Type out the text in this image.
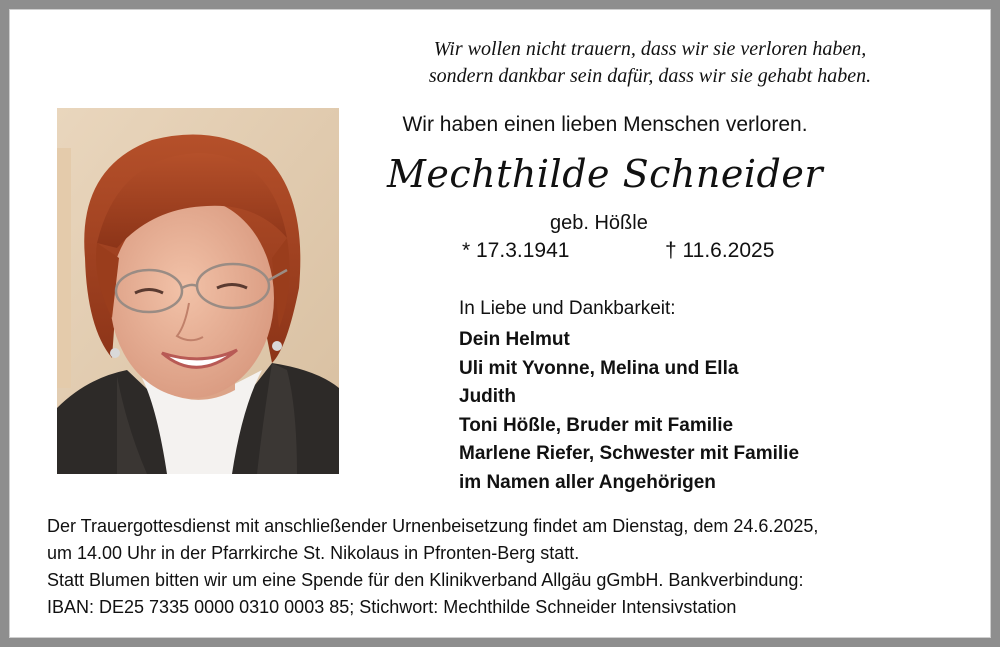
Wir wollen nicht trauern, dass wir sie verloren haben,
sondern dankbar sein dafür, dass wir sie gehabt haben.
Wir haben einen lieben Menschen verloren.
Mechthilde Schneider
geb. Hößle
* 17.3.1941	† 11.6.2025
In Liebe und Dankbarkeit:
Dein Helmut
Uli mit Yvonne, Melina und Ella
Judith
Toni Hößle, Bruder mit Familie
Marlene Riefer, Schwester mit Familie
im Namen aller Angehörigen
Der Trauergottesdienst mit anschließender Urnenbeisetzung findet am Dienstag, dem 24.6.2025,
um 14.00 Uhr in der Pfarrkirche St. Nikolaus in Pfronten-Berg statt.
Statt Blumen bitten wir um eine Spende für den Klinikverband Allgäu gGmbH. Bankverbindung:
IBAN: DE25 7335 0000 0310 0003 85; Stichwort: Mechthilde Schneider Intensivstation
